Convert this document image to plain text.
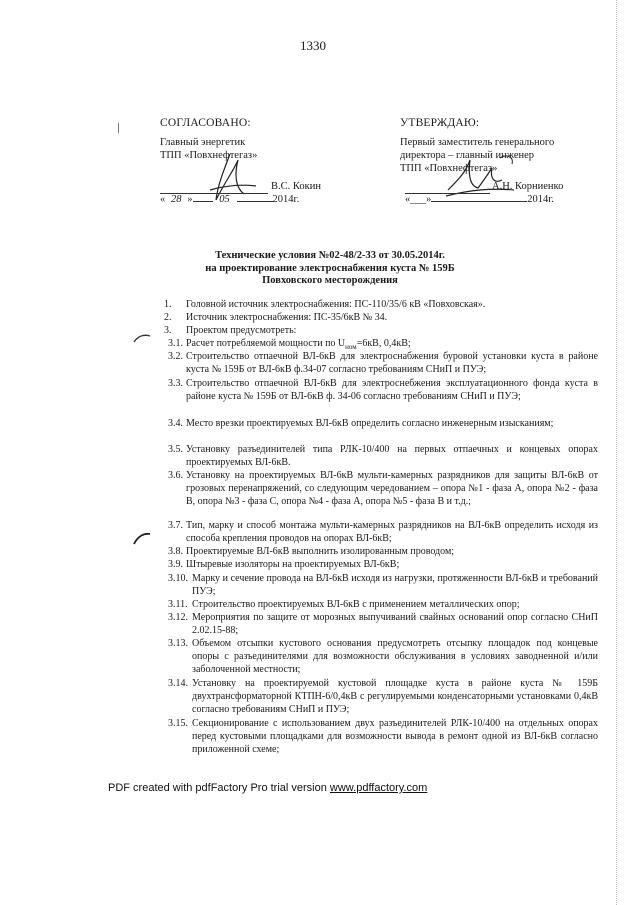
1330
СОГЛАСОВАНО:
Главный энергетик
ТПП «Повхнефтегаз»
В.С. Кокин
« 28 »	05	2014г.
УТВЕРЖДАЮ:
Первый заместитель генерального
директора – главный инженер
ТПП «Повхнефтегаз»
А.Н. Корниенко
«___»	2014г.
Технические условия №02-48/2-33 от 30.05.2014г.
на проектирование электроснабжения куста № 159Б
Повховского месторождения
1. Головной источник электроснабжения: ПС-110/35/6 кВ «Повховская».
2. Источник электроснабжения: ПС-35/6кВ № 34.
3. Проектом предусмотреть:
3.1. Расчет потребляемой мощности по $U_{ном}=6кВ$, 0,4кВ;
3.2. Строительство отпаечной ВЛ-6кВ для электроснабжения буровой установки куста в районе куста № 159Б от ВЛ-6кВ ф.34-07 согласно требованиям СНиП и ПУЭ;
3.3. Строительство отпаечной ВЛ-6кВ для электроснебжения эксплуатационного фонда куста в районе куста № 159Б от ВЛ-6кВ ф. 34-06 согласно требованиям СНиП и ПУЭ;
3.4. Место врезки проектируемых ВЛ-6кВ определить согласно инженерным изысканиям;
3.5. Установку разъединителей типа РЛК-10/400 на первых отпаечных и концевых опорах проектируемых ВЛ-6кВ.
3.6. Установку на проектируемых ВЛ-6кВ мульти-камерных разрядников для защиты ВЛ-6кВ от грозовых перенапряжений, со следующим чередованием – опора №1 - фаза А, опора №2 - фаза В, опора №3 - фаза С, опора №4 - фаза А, опора №5 - фаза В и т.д.;
3.7. Тип, марку и способ монтажа мульти-камерных разрядников на ВЛ-6кВ определить исходя из способа крепления проводов на опорах ВЛ-6кВ;
3.8. Проектируемые ВЛ-6кВ выполнить изолированным проводом;
3.9. Штыревые изоляторы на проектируемых ВЛ-6кВ;
3.10. Марку и сечение провода на ВЛ-6кВ исходя из нагрузки, протяженности ВЛ-6кВ и требований ПУЭ;
3.11. Строительство проектируемых ВЛ-6кВ с применением металлических опор;
3.12. Мероприятия по защите от морозных выпучиваний свайных оснований опор согласно СНиП 2.02.15-88;
3.13. Объемом отсыпки кустового основания предусмотреть отсыпку площадок под концевые опоры с разъединителями для возможности обслуживания в условиях заводненной и/или заболоченной местности;
3.14. Установку на проектируемой кустовой площадке куста в районе куста № 159Б двухтрансформаторной КТПН-6/0,4кВ с регулируемыми конденсаторными установками 0,4кВ согласно требованиям СНиП и ПУЭ;
3.15. Секционирование с использованием двух разъединителей РЛК-10/400 на отдельных опорах перед кустовыми площадками для возможности вывода в ремонт одной из ВЛ-6кВ согласно приложенной схеме;
PDF created with pdfFactory Pro trial version www.pdffactory.com
